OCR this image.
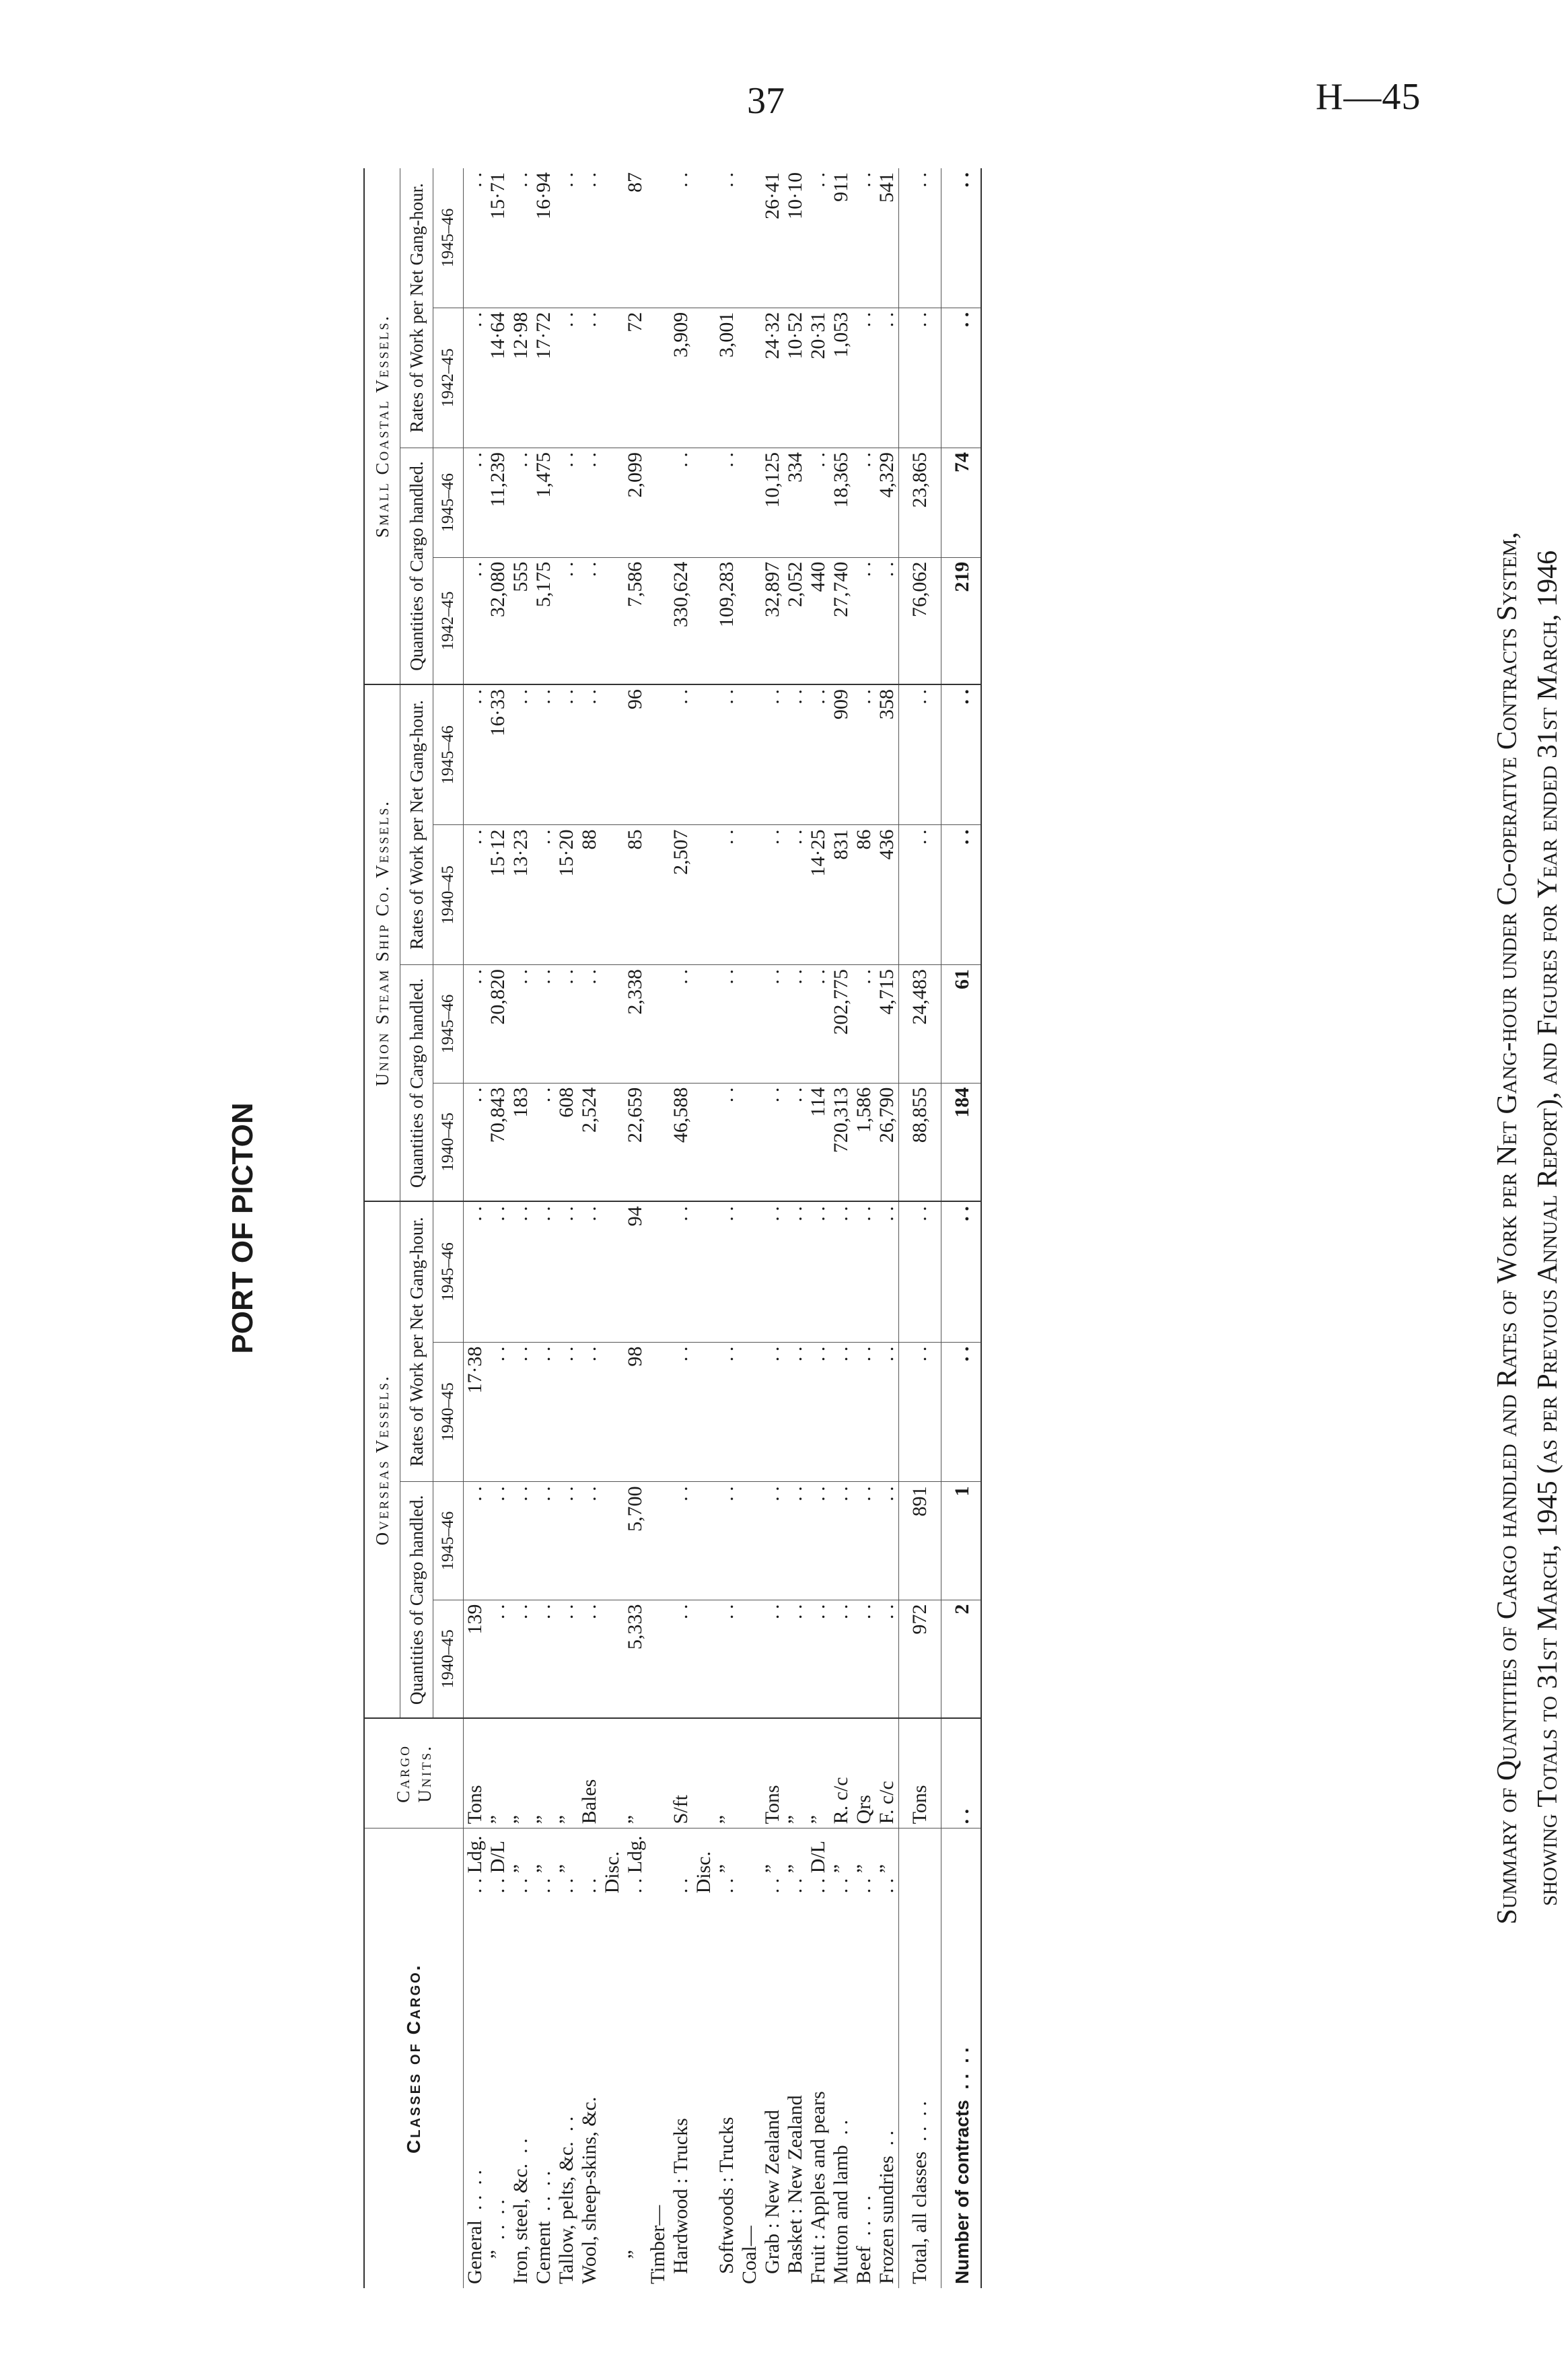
37	H—45
PORT OF PICTON	Summary of Quantities of Cargo handled and Rates of Work per Net Gang-hour under Co-operative Contracts System, showing Totals to 31st March, 1945 (as per Previous Annual Report), and Figures for Year ended 31st March, 1946
Classes of Cargo.		Cargo Units.	Overseas Vessels.				Union Steam Ship Co. Vessels.				Small Coastal Vessels.			
			Quantities of Cargo handled.		Rates of Work per Net Gang-hour.		Quantities of Cargo handled.		Rates of Work per Net Gang-hour.		Quantities of Cargo handled.		Rates of Work per Net Gang-hour.	
			1940–45	1945–46	1940–45	1945–46	1940–45	1945–46	1940–45	1945–46	1942–45	1945–46	1942–45	1945–46
General  . .  . .	. . Ldg.	Tons	139	. .	17·38	. .	. .	. .	. .	. .	. .	. .	. .	. .
”  . .  . .	. . D/L	”	. .	. .	. .	. .	70,843	20,820	15·12	16·33	32,080	11,239	14·64	15·71
Iron, steel, &c.  . .	. . ”	”	. .	. .	. .	. .	183	. .	13·23	. .	555	. .	12·98	. .
Cement  . .  . .	. . ”	”	. .	. .	. .	. .	. .	. .	. .	. .	5,175	1,475	17·72	16·94
Tallow, pelts, &c.  . .	. . ”	”	. .	. .	. .	. .	608	. .	15·20	. .	. .	. .	. .	. .
Wool, sheep-skins, &c.	. . Disc.	Bales	. .	. .	. .	. .	2,524	. .	88	. .	. .	. .	. .	. .
”	. . Ldg.	”	5,333	5,700	98	94	22,659	2,338	85	96	7,586	2,099	72	87
Timber—														
Hardwood : Trucks	. . Disc.	S/ft	. .	. .	. .	. .	46,588	. .	2,507	. .	330,624	. .	3,909	. .
Softwoods : Trucks	. . ”	”	. .	. .	. .	. .	. .	. .	. .	. .	109,283	. .	3,001	. .
Coal—														
Grab : New Zealand	. . ”	Tons	. .	. .	. .	. .	. .	. .	. .	. .	32,897	10,125	24·32	26·41
Basket : New Zealand	. . ”	”	. .	. .	. .	. .	. .	. .	. .	. .	2,052	334	10·52	10·10
Fruit : Apples and pears	. . D/L	”	. .	. .	. .	. .	114	. .	14·25	. .	440	. .	20·31	. .
Mutton and lamb  . .	. . ”	R. c/c	. .	. .	. .	. .	720,313	202,775	831	909	27,740	18,365	1,053	911
Beef  . .  . .	. . ”	Qrs	. .	. .	. .	. .	1,586	. .	86	. .	. .	. .	. .	. .
Frozen sundries  . .	. . ”	F. c/c	. .	. .	. .	. .	26,790	4,715	436	358	. .	4,329	. .	541
Total, all classes  . .  . .		Tons	972	891	. .	. .	88,855	24,483	. .	. .	76,062	23,865	. .	. .
Number of contracts  . .  . .		. .	2	1	. .	. .	184	61	. .	. .	219	74	. .	. .
